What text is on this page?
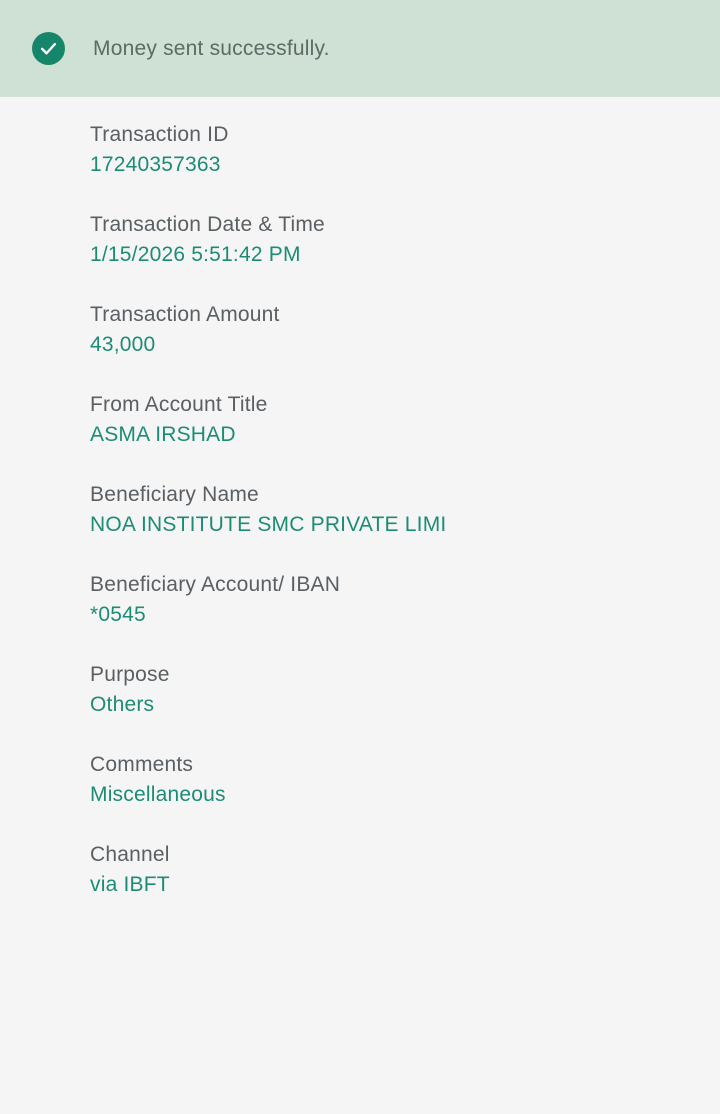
Money sent successfully.
Transaction ID
17240357363
Transaction Date & Time
1/15/2026 5:51:42 PM
Transaction Amount
43,000
From Account Title
ASMA IRSHAD
Beneficiary Name
NOA INSTITUTE SMC PRIVATE LIMI
Beneficiary Account/ IBAN
*0545
Purpose
Others
Comments
Miscellaneous
Channel
via IBFT
